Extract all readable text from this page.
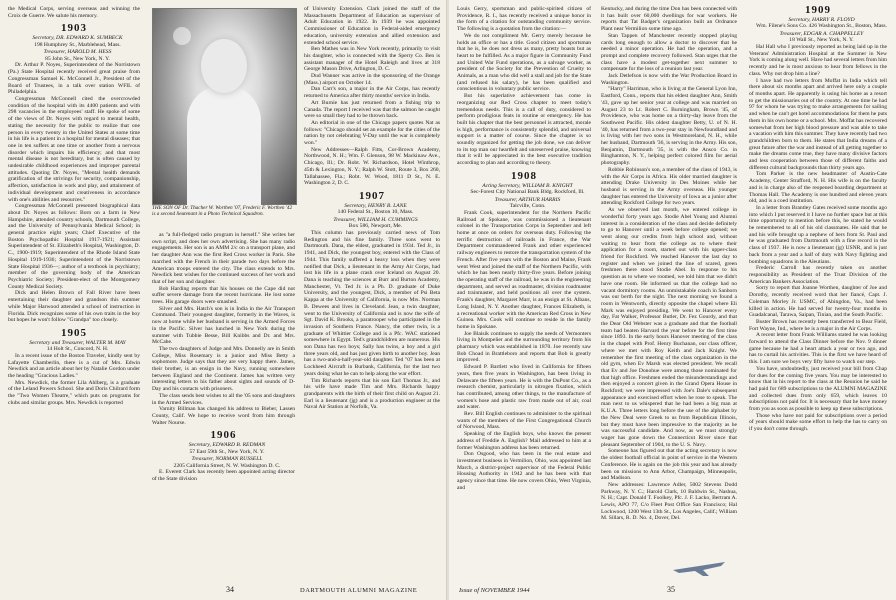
the Medical Corps, serving overseas and winning the Croix de Guerre. We salute his memory.

1903

Secretary, DR. EDWARD K. SUMBECK

198 Humphrey St., Marblehead, Mass.

Treasurer, HAROLD M. HESS

85 John St., New York, N. Y.

Dr. Arthur P. Noyes, Superintendent of the Norristown (Pa.) State Hospital recently received great praise from Congressman Samuel K. McConnell Jr., President of the Board of Trustees, in a talk over station WFIL of Philadelphia.

Congressman McConnell cited the overcrowded condition of the hospital with its 4400 patients and with 298 vacancies in the employees' staff. He spoke of some of the views of Dr. Noyes with regard to mental health, stating the necessity for the public to realize that one person in every twenty in the United States at some time in his life is a patient in a hospital for mental diseases; that one in ten suffers at one time or another from a nervous disorder which impairs his efficiency; and that most mental disease is not hereditary, but is often caused by undesirable childhood experiences and improper parental attitudes. Quoting Dr. Noyes, "Mental health demands gratification of the strivings for security, companionship, affection, satisfaction in work and play, and attainment of individual development and creativeness in accordance with one's abilities and resources."

Congressman McConnell presented biographical data about Dr. Noyes as follows: Born on a farm in New Hampshire, attended country schools, Dartmouth College, and the University of Pennsylvania Medical School; in general practice eight years; Chief Executive of the Boston Psychopathic Hospital 1917-1921; Assistant Superintendent of St. Elizabeth's Hospital, Washington, D. C., 1900-1919; Superintendent of the Rhode Island State Hospital 1919-1936; Superintendent of the Norristown State Hospital 1936—; author of a textbook in psychiatry; member of the governing body of the American Psychiatric Society; President-elect of the Montgomery County Medical Society.

Dick and Helen Brown of Fall River have been entertaining their daughter and grandson this summer while Major Harwood attended a school of instruction in Florida. Dick recognizes some of his own traits in the boy but hopes he won't follow "Grandpa" too closely.

1905

Secretary and Treasurer, WALTER M. MAY

14 Holt St., Concord, N. H.

In a recent issue of the Boston Traveler, kindly sent by Lafayette Chamberlin, there is a cut of Mrs. Edwin Newdick and an article about her by Natalie Gordon under the heading "Gracious Ladies."

Mrs. Newdick, the former Lila Ahlberg, is a graduate of the Leland Powers School. She and Doris Chilrard form the "Two Women Theatre," which puts on programs for clubs and similar groups. Mrs. Newdick is reported

THE SON OF Dr. Thacher W. Worthen '07, Frederic F. Worthen '42 is a second lieutenant in a Photo Technical Squadron.

as "a full-fledged radio program in herself." She writes her own script, and does her own advertising. She has many radio engagements. Her son is an AMM 2/c on a transport plane, and her daughter Ann was the first Red Cross worker in Paris. She marched with the French in their parade two days before the American troops entered the city. The class extends to Mrs. Newdick best wishes for the continued success of her work and that of her son and daughter.

Bob Harding reports that his houses on the Cape did not suffer severe damage from the recent hurricane. He lost some trees. His garage doors were smashed.

Silver and Mrs. Hatch's son is in India in the Air Transport Command. Their youngest daughter, formerly in the Waves, is now at home while her husband is serving in the Armed Forces in the Pacific. Silver has lunched in New York during the summer with Tubbie Besse, Bill Knibbs and Dr. and Mrs. McCabe.

The two daughters of Judge and Mrs. Donnelly are in Smith College, Miss Rosemary is a junior and Miss Betty a sophomore. Judge says that they are very happy there. James, their brother, is an ensign in the Navy, running somewhere between England and the Continent. James has written very interesting letters to his father about sights and sounds of D-Day and his contacts with prisoners.

The class sends best wishes to all the '05 sons and daughters in the Armed Services.

Varnity Billman has changed his address to Bieber, Lassen County, Calif. We hope to receive word from him through Walter Nourse.

1906

Secretary, EDWARD B. REDMAN

57 East 59th St., New York, N. Y.

Treasurer, NORMAN RUSSELL

2205 California Street, N. W. Washington D. C.

E. Everett Clark has recently been appointed acting director of the State division

of University Extension. Clark joined the staff of the Massachusetts Department of Education as supervisor of Adult Education in 1922. In 1939 he was appointed Commissioner of Education in Federal-aided emergency education, university extension and allied extension and extended school service.

Ben Mathes was in New York recently, primarily to visit his daughter, who is connected with the Sperry Co. Ben is assistant manager of the Hotel Raleigh and lives at 318 George Mason Drive, Arlington, D. C.

Dud Wanner was active in the sponsoring of the Orange (Mass.) airport on October 14.

Dan Carr's son, a major in the Air Corps, has recently returned to America after thirty months' service in India.

Art Burnie has just returned from a fishing trip to Canada. The report I received was that the salmon he caught were so small they had to be thrown back.

An editorial in one of the Chicago papers quotes Nat as follows: "Chicago should set an example for the cities of the nation by not celebrating V-Day until the war is completely won."

New Addresses—Ralph Fitts, Cor-Brown Academy, Northwood, N. H.; Wm. F. Glenson, 98 W. Mackinaw Ave., Chicago, Ill.; Dr. Robt. W. Richardson, Hotel Winthrop, 45th & Lexington, N. Y.; Ralph W. Stott, Route 3, Box 260, Tallahassee, Fla.; Robt. W. Wood, 1811 D St., N. E. Washington 2, D. C.

1907

Secretary, HENRY B. LANE

140 Federal St., Boston 10, Mass.

Treasurer, WILLIAM H. CUMMINGS

Box 586, Newport, Me.

This column has previously carried news of Tom Redington and his fine family. Three sons went to Dartmouth. Dana, the eldest, graduated in 1934. Ted Jr., in 1941, and Dick, the youngest boy, entered with the Class of 1944. This family suffered a heavy loss when they were notified that Dick, a lieutenant in the Army Air Corps, had lost his life in a plane crash over Iceland on August 20. Dana is teaching the sciences at Burr and Burton Academy, Manchester, Vt. Ted Jr. is a Ph. D. graduate of Duke University, and the youngest, Dick, a member of Psi Beta Kappa at the University of California, is now Mrs. Norman B. Dewees and lives in Cleveland. Jean, a twin daughter, went to the University of California and is now the wife of Sgt. David K. Brooks, a paratrooper who participated in the invasion of Southern France. Nancy, the other twin, is a graduate of Whittier College and is a Pfc. WAC stationed somewhere in Egypt. Ted's grandchildren are numerous. His son Dana has two boys; Sally has twins, a boy and a girl three years old, and has just given birth to another boy. Jean has a two-and-a-half-year-old daughter. Ted "07 has been at Lockheed Aircraft in Burbank, California, for the last two years doing what he can to help along the war effort.

Tim Richards reports that his son Earl Thomas Jr., and his wife have made Tim and Mrs. Richards happy grandparents with the birth of their first child on August 21. Earl is a lieutenant (jg) and is a production engineer at the Naval Air Station at Norfolk, Va.

34	DARTMOUTH ALUMNI MAGAZINE

Louis Gerry, sportsman and public-spirited citizen of Providence, R. I., has recently received a unique honor in the form of a citation for outstanding community service. The following is a quotation from the citation:—

We do not compliment Mr. Gerry merely because he holds an office or has a title. Good citizen and sportsman that he is, he does not dress as many, pretty boasts but as heart to be fulfilled. As a major figure in Community Fund and United War Fund operations, as a salvage worker, as president of the Society for the Prevention of Cruelty to Animals, as a man who did well a stall and job for the State (and refused his salary), he has been qualified and conscientious in voluntary public service.

But his superlative achievement has come in reorganizing our Red Cross chapter to meet today's tremendous needs. This is a call of duty, considered to perform prodigious feats in routine or emergency. He has built his chapter that the best personnel is attracted, morale is high, performance is consistently splendid, and universal support is a matter of course. Since the chapter is so soundly organized for getting the job done, we can deliver to its top man our heartfelt and unreserved praise, knowing that it will be appreciated in the best executive tradition according to plan and according to theory.

1908

Acting Secretary, WILLIAM B. KNIGHT

Sec-Forest City National Bank Bldg. Rockford, Ill.

Treasurer, ARTHUR HARRIS

Talcville, Conn.

Frank Cook, superintendent for the Northern Pacific Railroad at Spokane, was commissioned a lieutenant colonel in the Transportation Corps in September and left home at once on orders for overseas duty. Following the terrific destruction of railroads in France, the War Department commandeered Frank and other experienced railway engineers to restore the transportation system of the French. After five years with the Boston and Maine, Frank went West and joined the staff of the Northern Pacific, with which he has been nearly thirty-five years. Before joining the operating staff of the railroad, he was in the engineering department, and served as roadmaster, division roadmaster and trainmaster, and held positions all over the system. Frank's daughter, Margaret Marr, is an ensign at St. Albans, Long Island, N. Y. Another daughter, Frances Elizabeth, is a recreational worker with the American Red Cross in New Guinea. Mrs. Cook will continue to reside in the family home in Spokane.

Joe Blaisik continues to supply the needs of Vermonters living in Montpelier and the surrounding territory from his pharmacy which was established in 1870. Joe recently saw Bob Choad in Brattleboro and reports that Bob is greatly improved.

Edward P. Bartlett who lived in California for fifteen years, then five years in Washington, has been living in Delaware the fifteen years. He is with the DuPont Co., as a research chemist, particularly in nitrogen fixation, which has contributed, among other things, to the manufacture of women's hose and plastic raw from made out of air, coal and water.

Rev. Bill English continues to administer to the spiritual wants of the members of the First Congregational Church of Norwood, Mass.

Speaking of the English boys, who knows the present address of Freddie A. English? Mail addressed to him at a former Washington address has been returned.

Don Osgood, who has been in the real estate and investment business in Vermilion, Ohio, was appointed last March, a district-project supervisor of the Federal Public Housing Authority in 1942 and he has been with that agency since that time. He now covers Ohio, West Virginia, and

Kentucky, and during the time Don has been connected with it has built over 60,000 dwellings for war workers. He reports that Tat Badger's organization built an Ordnance Plant near Vermilion some time ago.

Stan Tappen of Manchester recently stopped playing cards long enough to allow a doctor to discover that he needed a minor operation. He had the operation, and a prompt and complete recovery followed. Stan urges that the class have a modest get-together next summer to compensate for the loss of a reunion last year.

Jack Detlefson is now with the War Production Board in Washington.

"Harry" Harriman, who is living at the General Lyon Inn, Eastford, Conn., reports that his eldest daughter Ann, Smith '43, gave up her senior year at college and was married on August 23 to Lt. Robert C. Burningham, Brown '45, of Providence, who was home on a thirty-day leave from the Southwest Pacific. His oldest daughter Betty, U. of N. H. '40, has returned from a two-year stay in Newfoundland and is living with her two sons in Westmoreland, N. H., while her husband, Dartmouth '36, is serving in the Army. His son, Benjamin, Dartmouth '35, is with the Ansco Co. in Binghamton, N. Y., helping perfect colored film for aerial photography.

Robbie Robinson's son, a member of the class of 1943, is with the Air Corps in Africa. His older married daughter is attending Drake University in Des Moines while her husband is serving in the Army overseas. His younger daughter has entered the University of Iowa as a junior after attending Rockford College for two years.

As we observed last month, we entered college in wonderful forty years ago. Stodie Abel Young and Alumni interest in a consideration of the class and decide definitely to go to Hanover until a week before college opened; we went along our credits from high school and, without waiting to hear from the college as to where their application for a room, started out with his upper-class friend for Rockford. We reached Hanover the last day to register and when we joined the line of scared, green freshmen there stood Stodie Abel. In response to his question as to where we roomed, we told him that we didn't have one room. He informed us that the college had no vacant dormitory rooms. An unmistakable coach in Sanborn was our berth for the night. The next morning we found a room in Wentworth, directly opposite the chapel where Eli Mark was enjoyed presiding. We went to Hanover every day, Fat Walker, Professor Butler, Dr. Fez Gourdy, and that the Dear Old Webster was a graduate and that the football team had beaten Harvard the year before for the first time since 1893. In the early hours Hanover meeting of the class in the chapel with Prof. Henry Buchanan, our class officer, where we met with Roy Keith and Jack Knight. We remember the first meeting of the class organization in the old gym, when Ev Marsh was elected president. We recall that Ev and Joe Donohue were among those nominated for that high office. Freshmen ended the misunderstandings and then enjoyed a concert given in the Grand Opera House in Rockford; we were impressed with Joe's Dale's subsequent appearance and exercised effort when he rose to speak. The man next to us whispered that he had been a big man at K.U.A. Three letters long before the use of the alphabet by the New Deal were Greek to us from Republican Illinois, but they must have been impressive to the majority as he was successful candidate. And now, as we must strongly wager has gone down the Connecticut River since that pleasant September of 1904, to the U. S. Navy.

Someone has figured out that the acting secretary is now the oldest football official in point of service in the Western Conference. He is again on the job this year and has already been on missions to Ann Arbor, Champaign, Minneapolis, and Madison.

New addresses: Lawrence Adler, 5002 Stevens Dodd Parkway, N. Y. C.; Harold Clark, 10 Baldwin St., Nashua, N. H.; Capt. Donald T. Foolkey, Pfc. J. F. Lacko, Bertram A. Lewis, APO 77, C/o Fleet Post Office San Francisco; Hal Lockwood, 1200 West 13th St., Los Angeles, Calif.; William M. Sillars, R. D. No. 4, Dover, Del.

1909

Secretary, HARRY R. FLOYD

Wm. Filene's Sons Co. 426 Washington St., Boston, Mass.

Treasurer, EDGAR A. CHAPPELLEY

18 Wall St., New York, N. Y.

Hal Hall who I previously reported as being laid up in the Veterans' Administration Hospital at the Summer in New York is coming along well. Have had several letters from him recently and he is most anxious to hear from fellows in the class. Why not drop him a line?

I have had two letters from Moffat in India which tell there about six months apart and arrived here only a couple of months apart. He apparently is using his home as a resort to get the missionaries out of the country. At one time he had 97 for whom he was trying to make arrangements for sailing and when he can't get hotel accommodations for them he puts them in his own home or a school. Mrs. Moffat has recovered somewhat from her high blood pressure and was able to take a vacation with him this summer. They have recently had two grandchildren born to them. He states that India dreams of a great future after the war and instead of all getting together to make the dreams come true, they have many divisive factors and less cooperation between those of different faiths and different cultural backgrounds than thirty years ago.

Tom Parker is the new headmaster of Austin-Cate Academy, Center Strafford, N. H. His wife is on the faculty and is in charge also of the reopened boarding department at Thomas Hall. The Academy is one hundred and eleven years old, and is a coed institution.

In a letter from Brantley Gates received some months ago into which I put reserved it I have no further space but at this time opportunity to mention before this, he stated he would be remembered to all of his old classmates. He said that he and his wife brought up a nephew of hers from St. Paul and he was graduated from Dartmouth with a fine record in the class of 1937. He is now a lieutenant (jg) USNR, and is just back from a year and a half of duty with Navy fighting and bombing squadrons in the Aleutians.

Frederic Carroll has recently taken on another responsibility as President of the Trust Division of the American Bankers Association.

Sorry to report that Joanne Worthen, daughter of Joe and Dorothy, recently received word that her fiancé, Capt. J. Coleman Morley Jr. USMC, of Abingdon, Va., had been killed in action. He had served for twenty-four months in Guadalcanal, Tarawa, Saipan, Tinian, and the South Pacific.

Buster Brown has recently been transferred to Bear Field, Fort Wayne, Ind., where he is a major in the Air Corps.

A recent letter from Frank Williams stated he was looking forward to attend the Class Dinner before the Nov. 9 dinner game because he had a heart attack a year or two ago, and has to curtail his activities. This is the first we have heard of this. I am sure we boys very fifty have to watch our step.

You have, undoubtedly, just received your bill from Chap for dues for the coming five years. You may be interested to know that in his report to the class at the Reunion he said he had paid for 689 subscriptions to the ALUMNI MAGAZINE and collected dues from only 659, which leaves 10 subscriptions not paid for. It is necessary that he have money from you as soon as possible to keep up these subscriptions.

Those who have not paid for subscriptions over a period of years should make some effort to help the has to carry on if you don't come through.

Issue of NOVEMBER 1944	35
